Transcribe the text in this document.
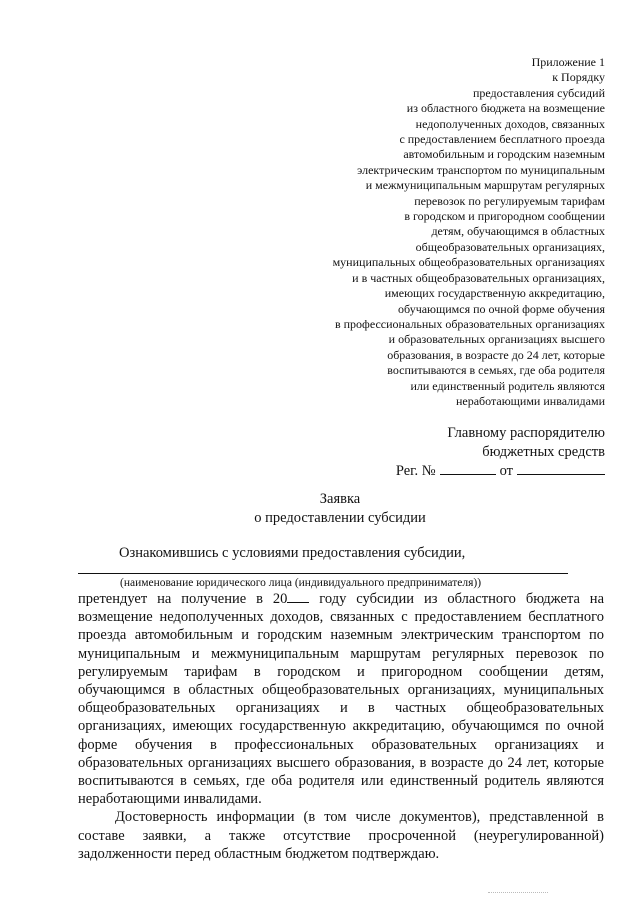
Приложение 1
к Порядку
предоставления субсидий
из областного бюджета на возмещение
недополученных доходов, связанных
с предоставлением бесплатного проезда
автомобильным и городским наземным
электрическим транспортом по муниципальным
и межмуниципальным маршрутам регулярных
перевозок по регулируемым тарифам
в городском и пригородном сообщении
детям, обучающимся в областных
общеобразовательных организациях,
муниципальных общеобразовательных организациях
и в частных общеобразовательных организациях,
имеющих государственную аккредитацию,
обучающимся по очной форме обучения
в профессиональных образовательных организациях
и образовательных организациях высшего
образования, в возрасте до 24 лет, которые
воспитываются в семьях, где оба родителя
или единственный родитель являются
неработающими инвалидами
Главному распорядителю
бюджетных средств
Рег. №	от
Заявка
о предоставлении субсидии
Ознакомившись с условиями предоставления субсидии,
(наименование юридического лица (индивидуального предпринимателя))

претендует на получение в 20 году субсидии из областного бюджета на возмещение недополученных доходов, связанных с предоставлением бесплатного проезда автомобильным и городским наземным электрическим транспортом по муниципальным и межмуниципальным маршрутам регулярных перевозок по регулируемым тарифам в городском и пригородном сообщении детям, обучающимся в областных общеобразовательных организациях, муниципальных общеобразовательных организациях и в частных общеобразовательных организациях, имеющих государственную аккредитацию, обучающимся по очной форме обучения в профессиональных образовательных организациях и образовательных организациях высшего образования, в возрасте до 24 лет, которые воспитываются в семьях, где оба родителя или единственный родитель являются неработающими инвалидами.

Достоверность информации (в том числе документов), представленной в составе заявки, а также отсутствие просроченной (неурегулированной) задолженности перед областным бюджетом подтверждаю.
